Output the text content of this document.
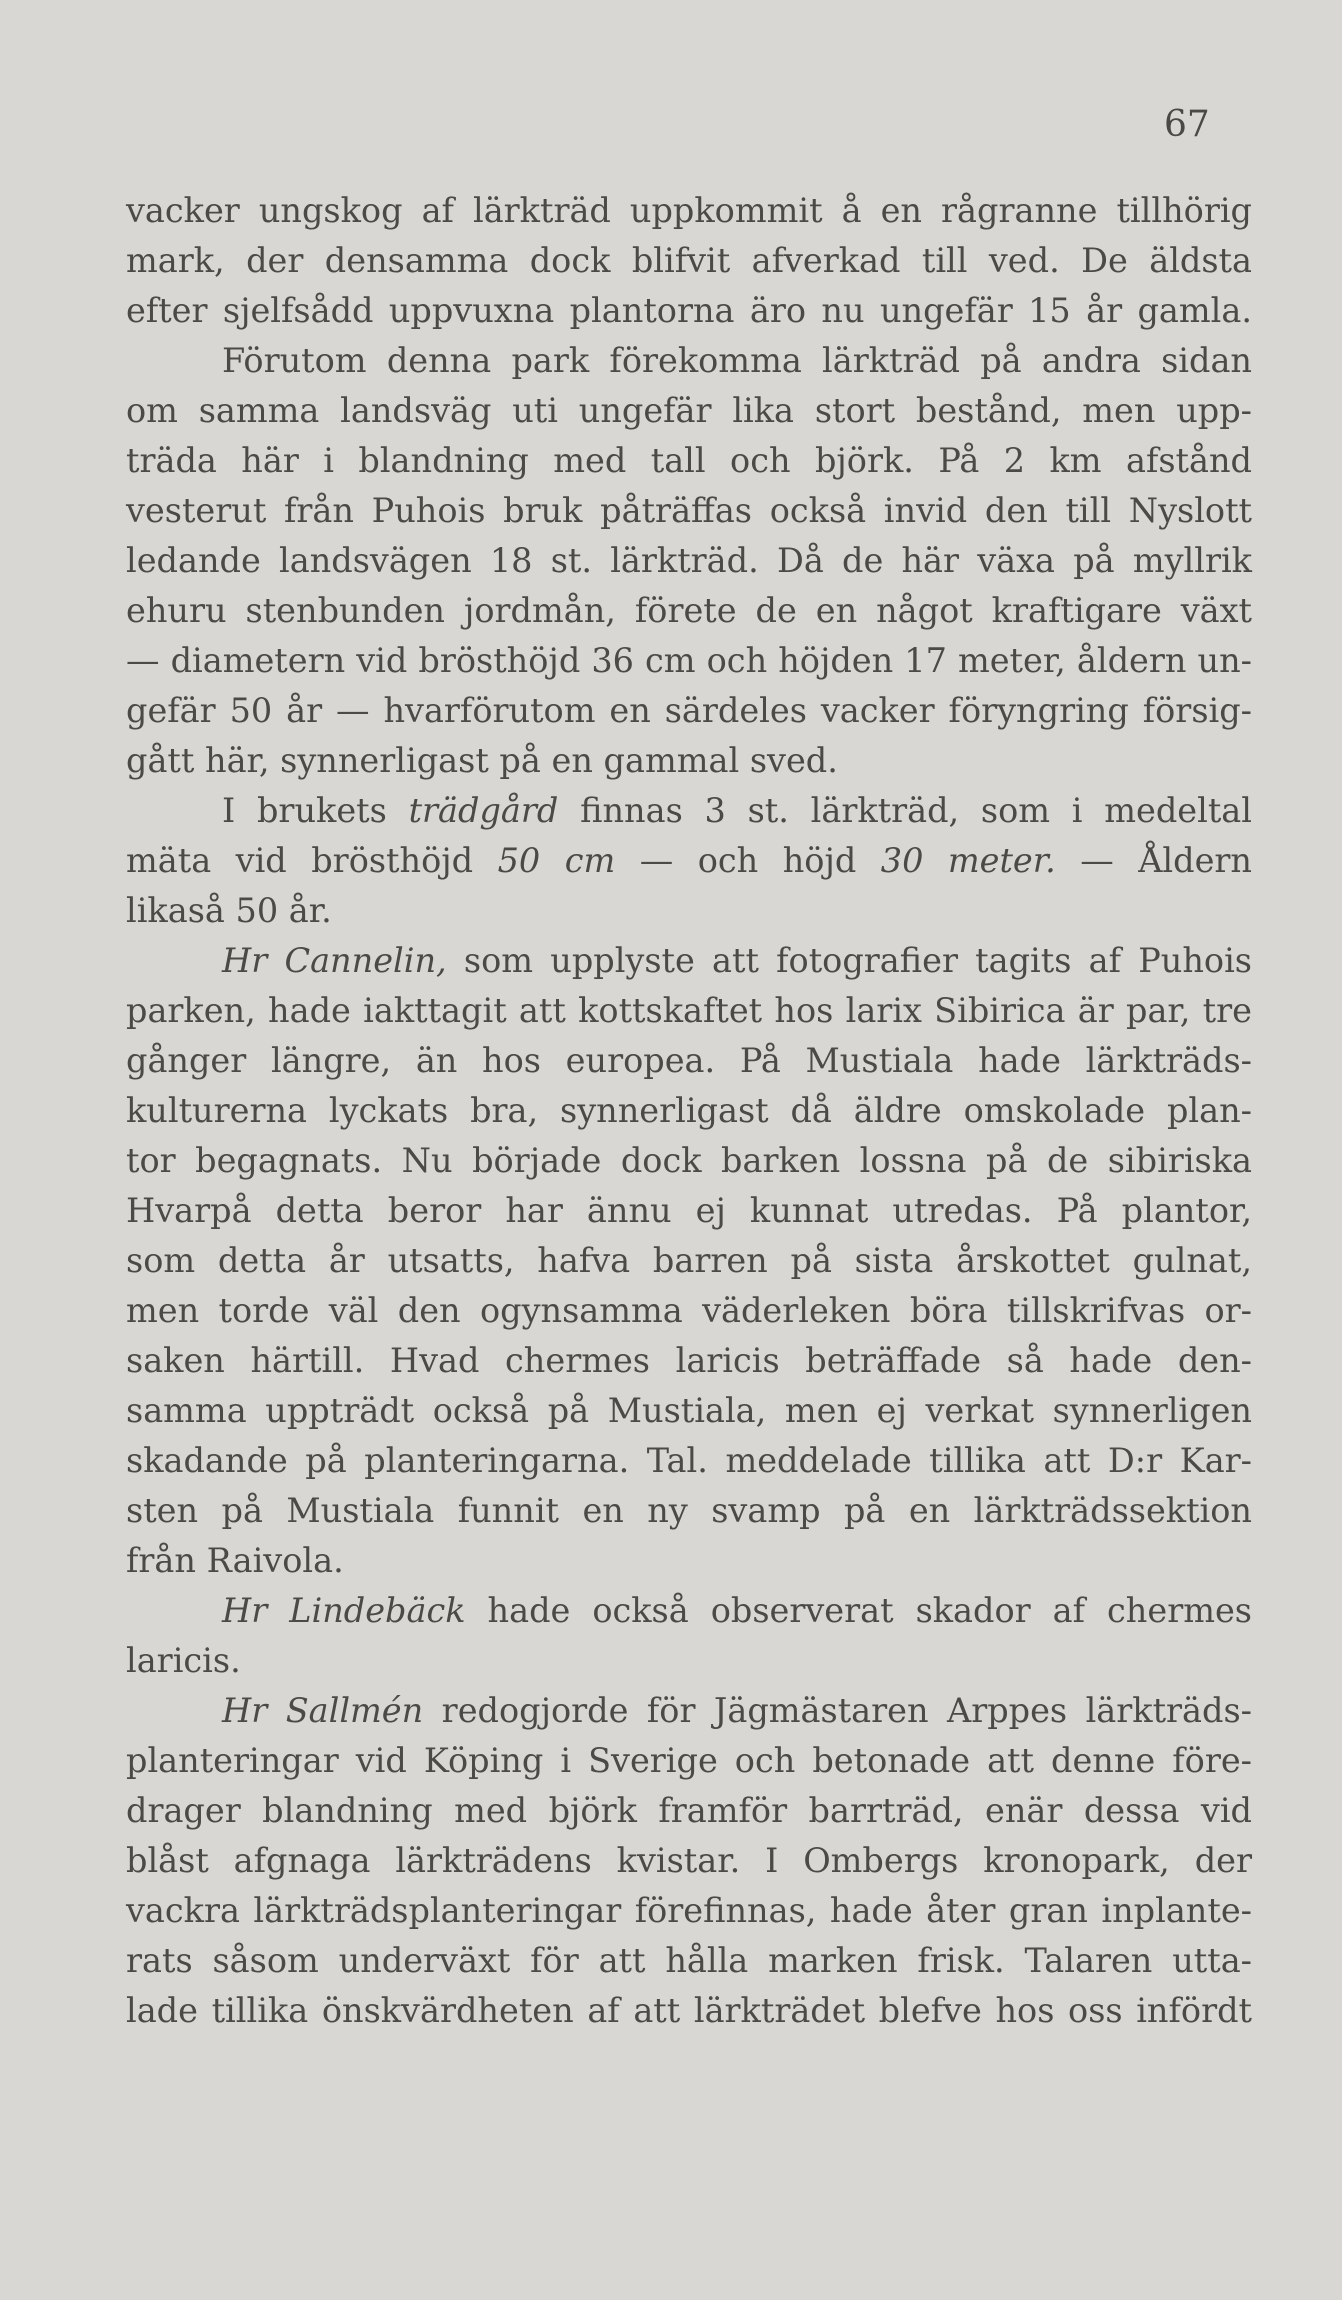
67
vacker ungskog af lärkträd uppkommit å en rågranne tillhörig
mark, der densamma dock blifvit afverkad till ved. De äldsta
efter sjelfsådd uppvuxna plantorna äro nu ungefär 15 år gamla.
Förutom denna park förekomma lärkträd på andra sidan
om samma landsväg uti ungefär lika stort bestånd, men upp-
träda här i blandning med tall och björk. På 2 km afstånd
vesterut från Puhois bruk påträffas också invid den till Nyslott
ledande landsvägen 18 st. lärkträd. Då de här växa på myllrik
ehuru stenbunden jordmån, förete de en något kraftigare växt
— diametern vid brösthöjd 36 cm och höjden 17 meter, åldern un-
gefär 50 år — hvarförutom en särdeles vacker föryngring försig-
gått här, synnerligast på en gammal sved.
I brukets trädgård finnas 3 st. lärkträd, som i medeltal
mäta vid brösthöjd 50 cm — och höjd 30 meter. — Åldern
likaså 50 år.
Hr Cannelin, som upplyste att fotografier tagits af Puhois
parken, hade iakttagit att kottskaftet hos larix Sibirica är par, tre
gånger längre, än hos europea. På Mustiala hade lärkträds-
kulturerna lyckats bra, synnerligast då äldre omskolade plan-
tor begagnats. Nu började dock barken lossna på de sibiriska
Hvarpå detta beror har ännu ej kunnat utredas. På plantor,
som detta år utsatts, hafva barren på sista årskottet gulnat,
men torde väl den ogynsamma väderleken böra tillskrifvas or-
saken härtill. Hvad chermes laricis beträffade så hade den-
samma uppträdt också på Mustiala, men ej verkat synnerligen
skadande på planteringarna. Tal. meddelade tillika att D:r Kar-
sten på Mustiala funnit en ny svamp på en lärkträdssektion
från Raivola.
Hr Lindebäck hade också observerat skador af chermes
laricis.
Hr Sallmén redogjorde för Jägmästaren Arppes lärkträds-
planteringar vid Köping i Sverige och betonade att denne före-
drager blandning med björk framför barrträd, enär dessa vid
blåst afgnaga lärkträdens kvistar. I Ombergs kronopark, der
vackra lärkträdsplanteringar förefinnas, hade åter gran inplante-
rats såsom underväxt för att hålla marken frisk. Talaren utta-
lade tillika önskvärdheten af att lärkträdet blefve hos oss infördt
